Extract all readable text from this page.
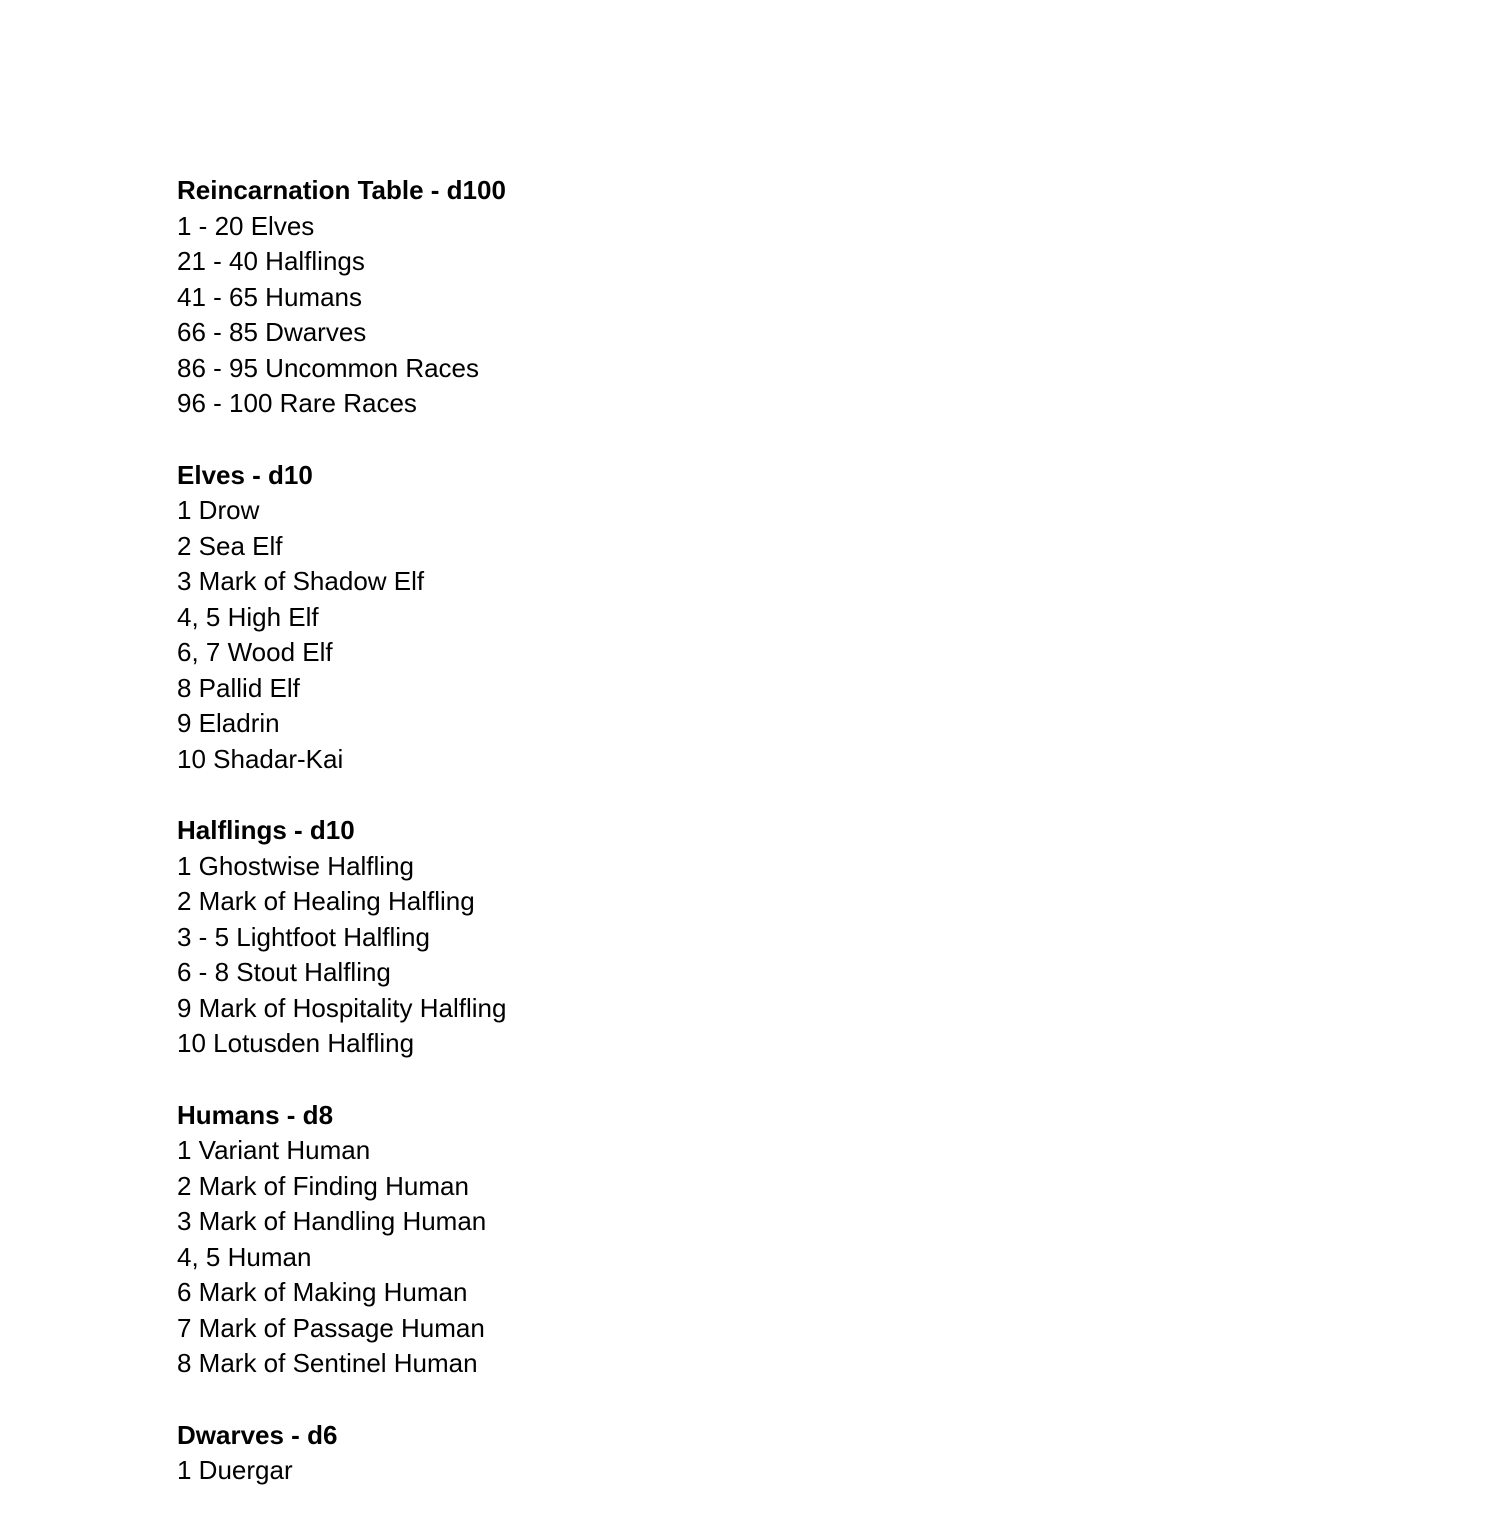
Reincarnation Table - d100

1 - 20 Elves

21 - 40 Halflings

41 - 65 Humans

66 - 85 Dwarves

86 - 95 Uncommon Races

96 - 100 Rare Races

Elves - d10

1 Drow

2 Sea Elf

3 Mark of Shadow Elf

4, 5 High Elf

6, 7 Wood Elf

8 Pallid Elf

9 Eladrin

10 Shadar-Kai

Halflings - d10

1 Ghostwise Halfling

2 Mark of Healing Halfling

3 - 5 Lightfoot Halfling

6 - 8 Stout Halfling

9 Mark of Hospitality Halfling

10 Lotusden Halfling

Humans - d8

1 Variant Human

2 Mark of Finding Human

3 Mark of Handling Human

4, 5 Human

6 Mark of Making Human

7 Mark of Passage Human

8 Mark of Sentinel Human

Dwarves - d6

1 Duergar
